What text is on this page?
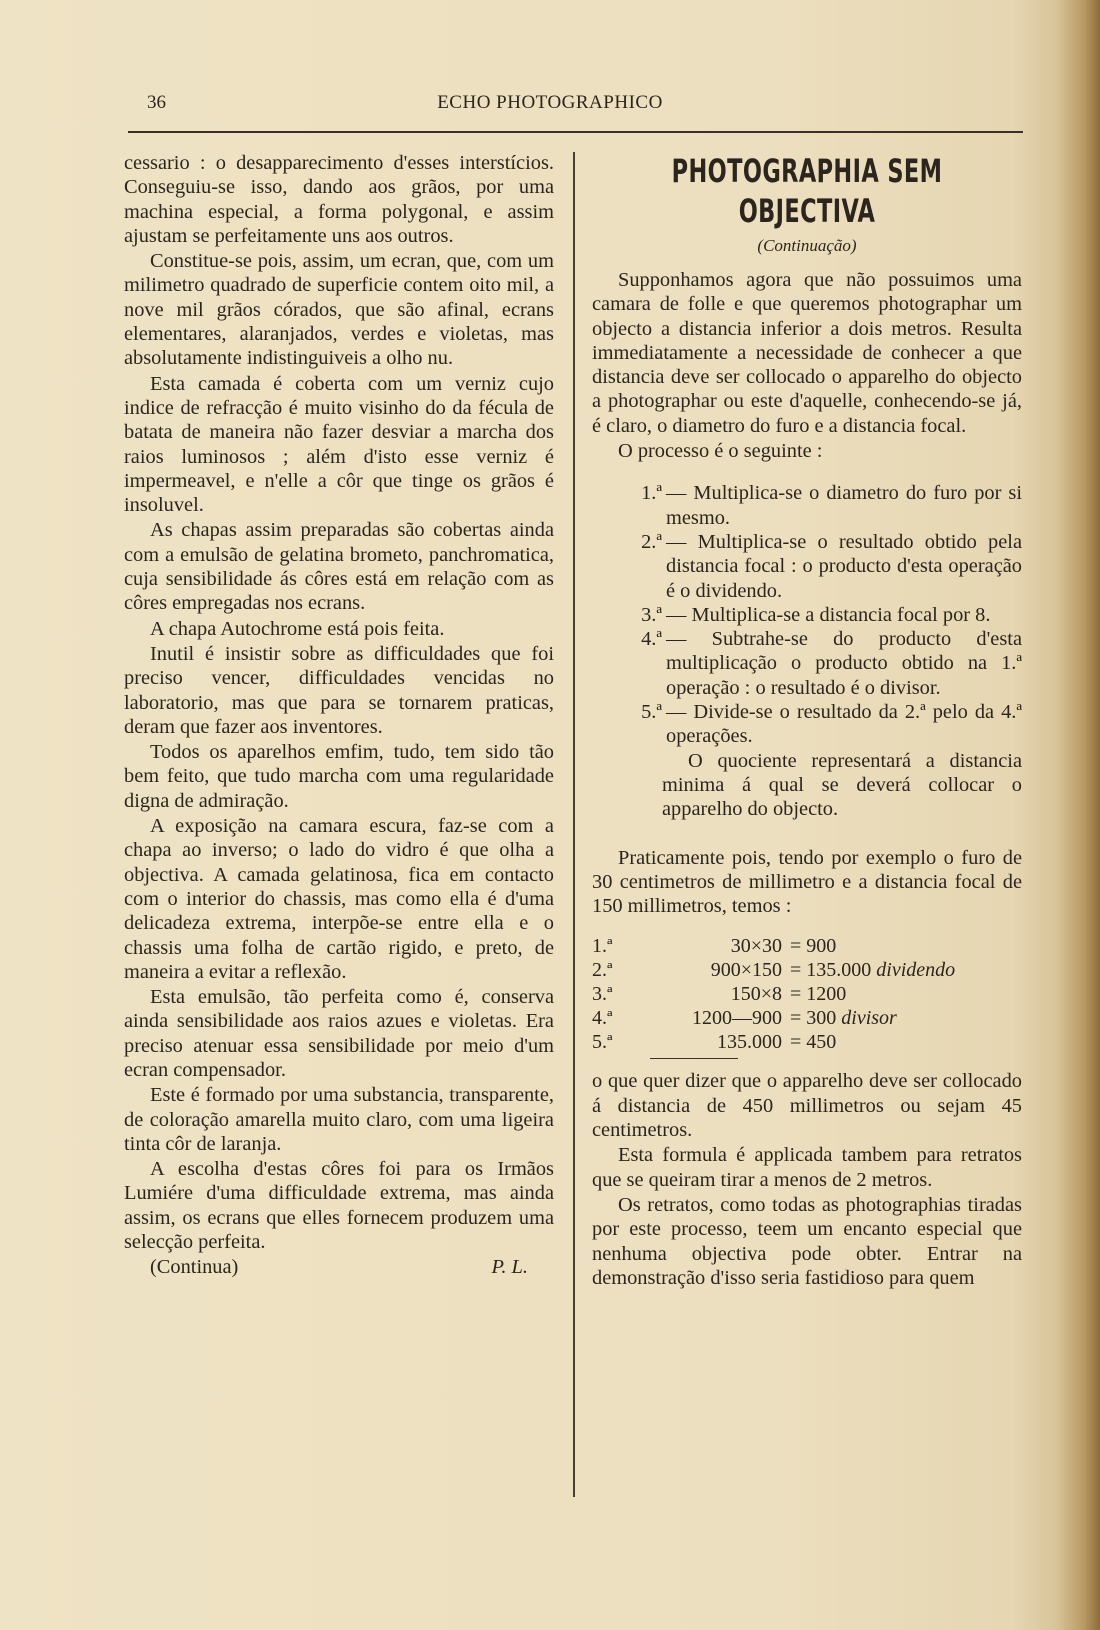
36	ECHO PHOTOGRAPHICO

cessario : o desapparecimento d'esses interstícios. Conseguiu-se isso, dando aos grãos, por uma machina especial, a forma polygonal, e assim ajustam se perfeitamente uns aos outros.

Constitue-se pois, assim, um ecran, que, com um milimetro quadrado de superficie contem oito mil, a nove mil grãos córados, que são afinal, ecrans elementares, alaranjados, verdes e violetas, mas absolutamente indistinguiveis a olho nu.

Esta camada é coberta com um verniz cujo indice de refracção é muito visinho do da fécula de batata de maneira não fazer desviar a marcha dos raios luminosos ; além d'isto esse verniz é impermeavel, e n'elle a côr que tinge os grãos é insoluvel.

As chapas assim preparadas são cobertas ainda com a emulsão de gelatina brometo, panchromatica, cuja sensibilidade ás côres está em relação com as côres empregadas nos ecrans.

A chapa Autochrome está pois feita.

Inutil é insistir sobre as difficuldades que foi preciso vencer, difficuldades vencidas no laboratorio, mas que para se tornarem praticas, deram que fazer aos inventores.

Todos os aparelhos emfim, tudo, tem sido tão bem feito, que tudo marcha com uma regularidade digna de admiração.

A exposição na camara escura, faz-se com a chapa ao inverso; o lado do vidro é que olha a objectiva. A camada gelatinosa, fica em contacto com o interior do chassis, mas como ella é d'uma delicadeza extrema, interpõe-se entre ella e o chassis uma folha de cartão rigido, e preto, de maneira a evitar a reflexão.

Esta emulsão, tão perfeita como é, conserva ainda sensibilidade aos raios azues e violetas. Era preciso atenuar essa sensibilidade por meio d'um ecran compensador.

Este é formado por uma substancia, transparente, de coloração amarella muito claro, com uma ligeira tinta côr de laranja.

A escolha d'estas côres foi para os Irmãos Lumiére d'uma difficuldade extrema, mas ainda assim, os ecrans que elles fornecem produzem uma selecção perfeita.

(Continua)	P. L.
PHOTOGRAPHIA SEM OBJECTIVA
(Continuação)

Supponhamos agora que não possuimos uma camara de folle e que queremos photographar um objecto a distancia inferior a dois metros. Resulta immediatamente a necessidade de conhecer a que distancia deve ser collocado o apparelho do objecto a photographar ou este d'aquelle, conhecendo-se já, é claro, o diametro do furo e a distancia focal.

O processo é o seguinte :

1.ª — Multiplica-se o diametro do furo por si mesmo.
2.ª — Multiplica-se o resultado obtido pela distancia focal : o producto d'esta operação é o dividendo.
3.ª — Multiplica-se a distancia focal por 8.
4.ª — Subtrahe-se do producto d'esta multiplicação o producto obtido na 1.ª operação : o resultado é o divisor.
5.ª — Divide-se o resultado da 2.ª pelo da 4.ª operações.

O quociente representará a distancia minima á qual se deverá collocar o apparelho do objecto.

Praticamente pois, tendo por exemplo o furo de 30 centimetros de millimetro e a distancia focal de 150 millimetros, temos :

1.ª	30×30	= 900
2.ª	900×150	= 135.000 dividendo
3.ª	150×8	= 1200
4.ª	1200—900	= 300 divisor
5.ª	135.000	= 450

o que quer dizer que o apparelho deve ser collocado á distancia de 450 millimetros ou sejam 45 centimetros.

Esta formula é applicada tambem para retratos que se queiram tirar a menos de 2 metros.

Os retratos, como todas as photographias tiradas por este processo, teem um encanto especial que nenhuma objectiva pode obter. Entrar na demonstração d'isso seria fastidioso para quem
